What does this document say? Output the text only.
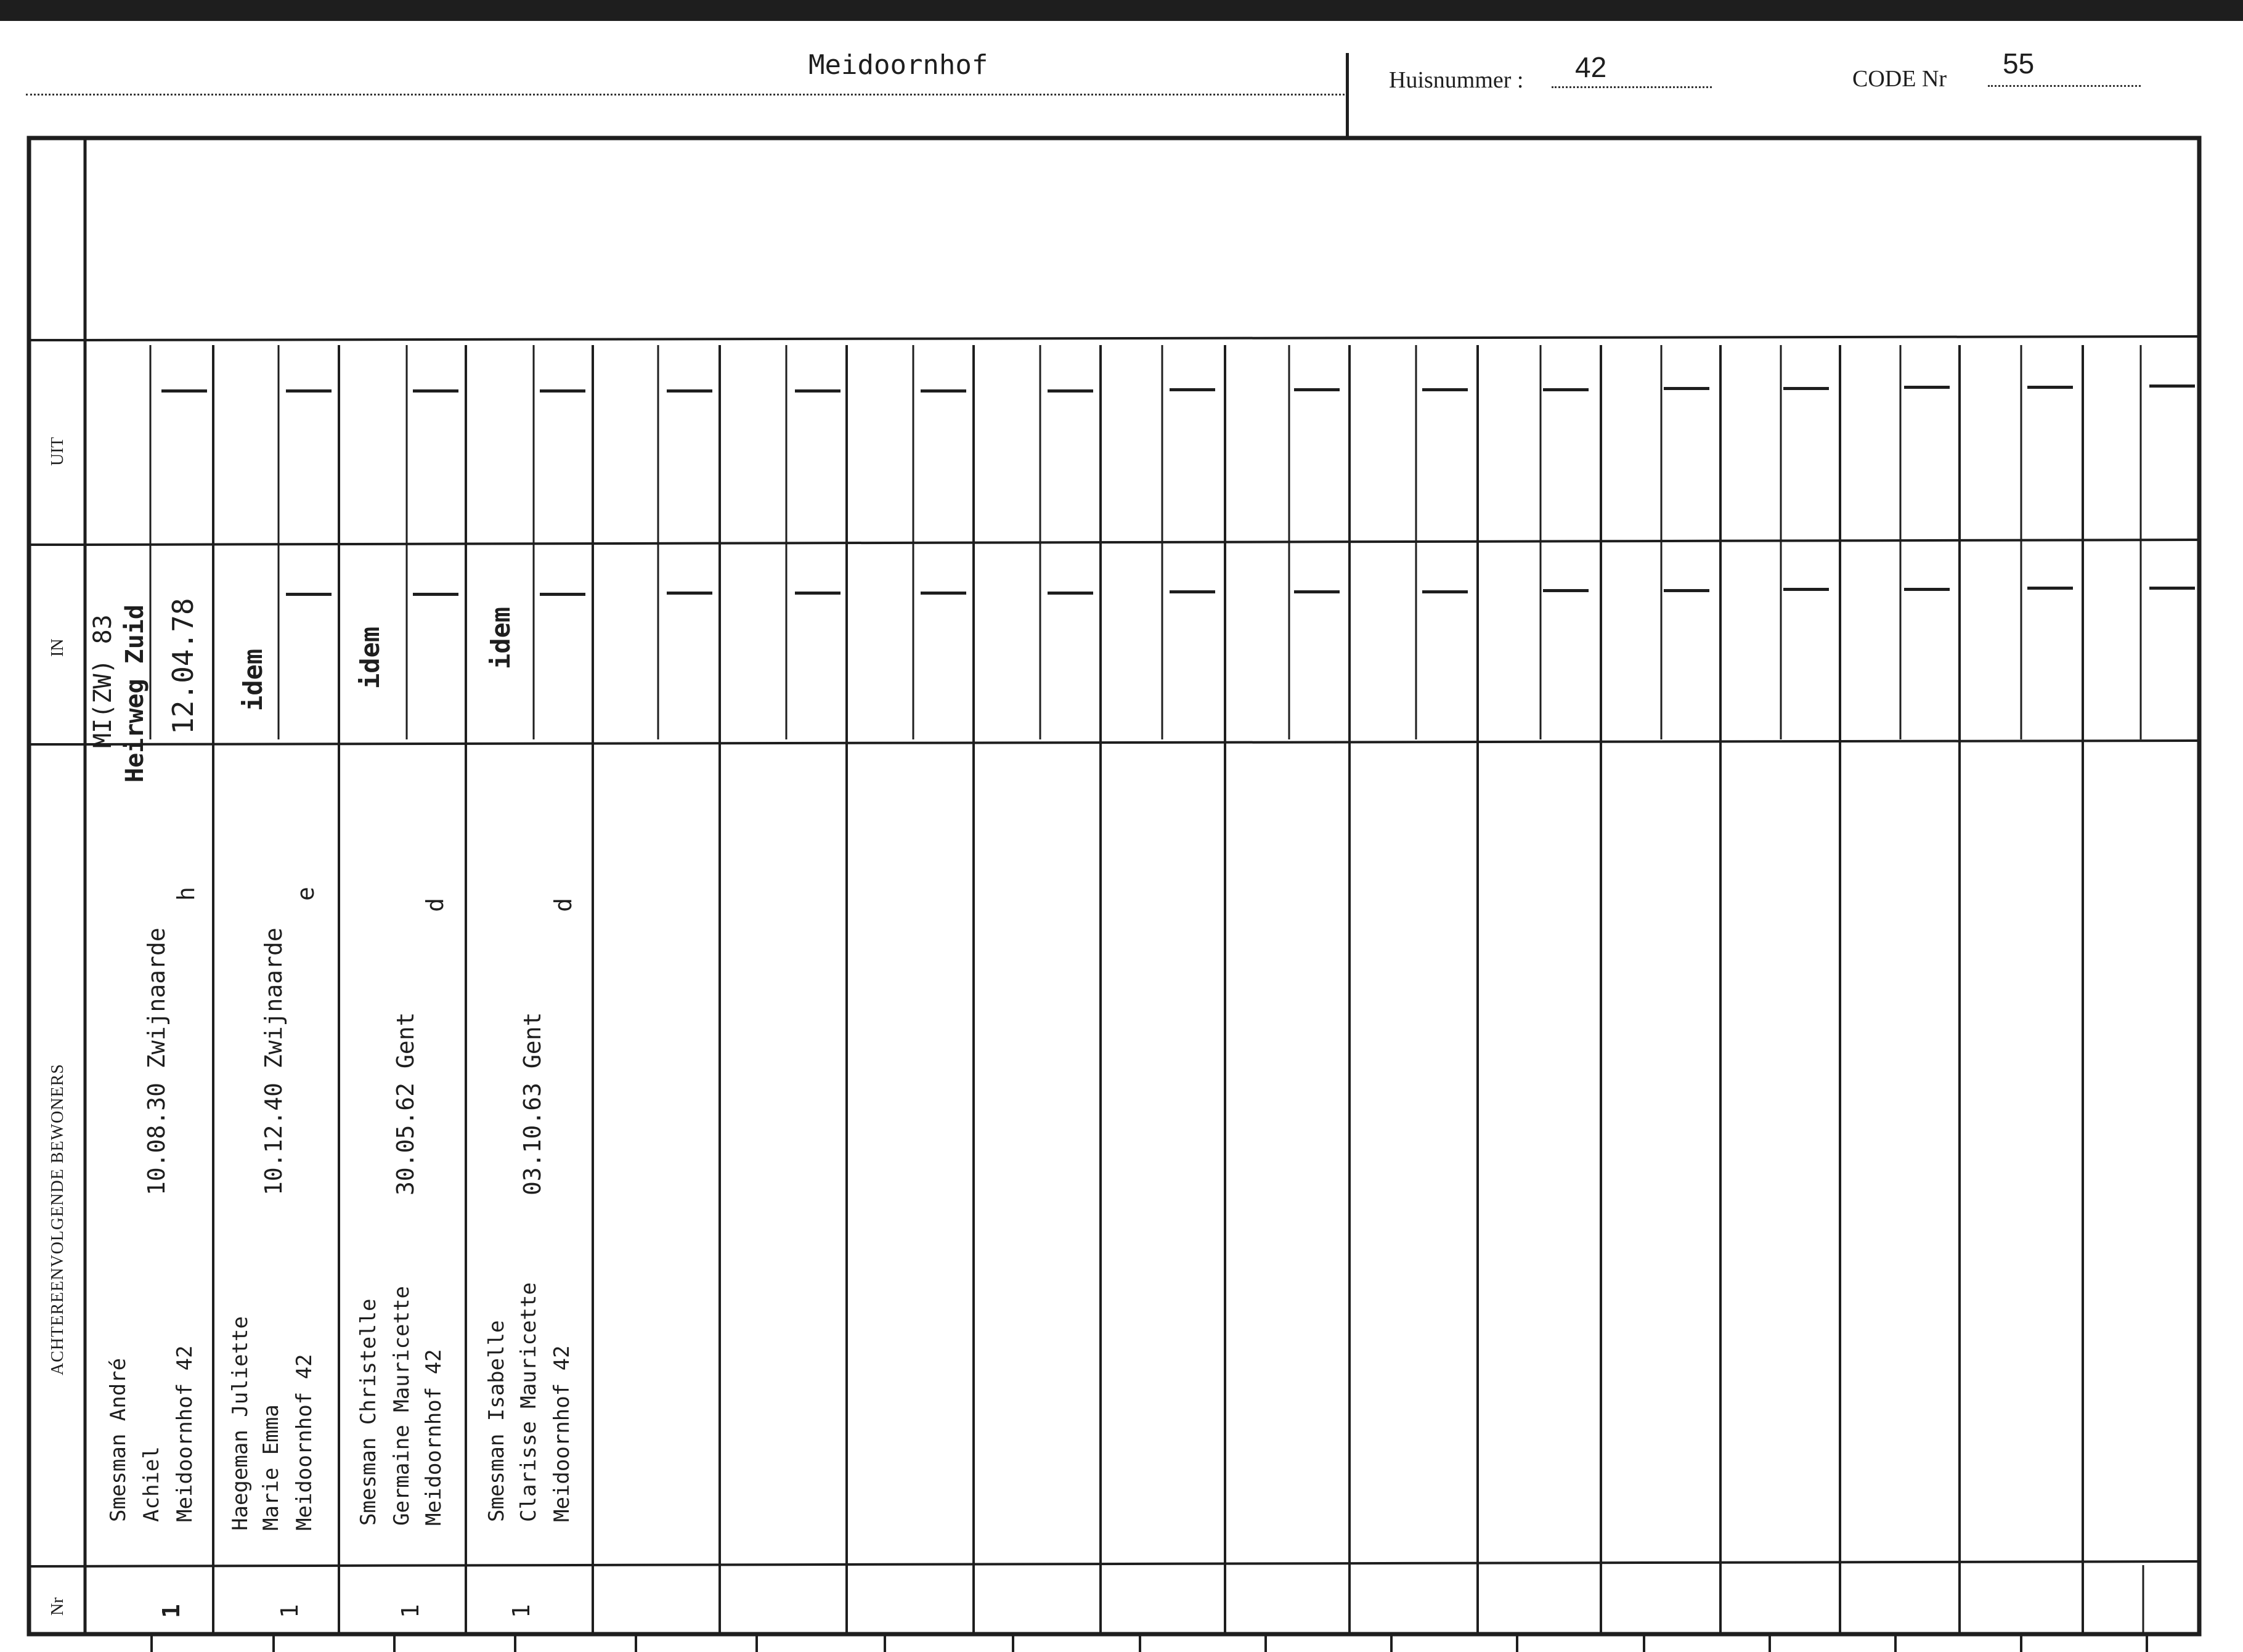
Meidoornhof	Huisnummer : 42	CODE Nr 55
UIT
IN
ACHTEREENVOLGENDE BEWONERS
Nr
Smesman André Achiel Meidoornhof 42
10.08.30 Zwijnaarde
h
1
MI(ZW) 83 Heirweg Zuid 12.04.78
Haegeman Juliette Marie Emma Meidoornhof 42
10.12.40 Zwijnaarde
e
1
idem
Smesman Christelle Germaine Mauricette Meidoornhof 42
30.05.62 Gent
d
1
idem
Smesman Isabelle Clarisse Mauricette Meidoornhof 42
03.10.63 Gent
d
1
idem
